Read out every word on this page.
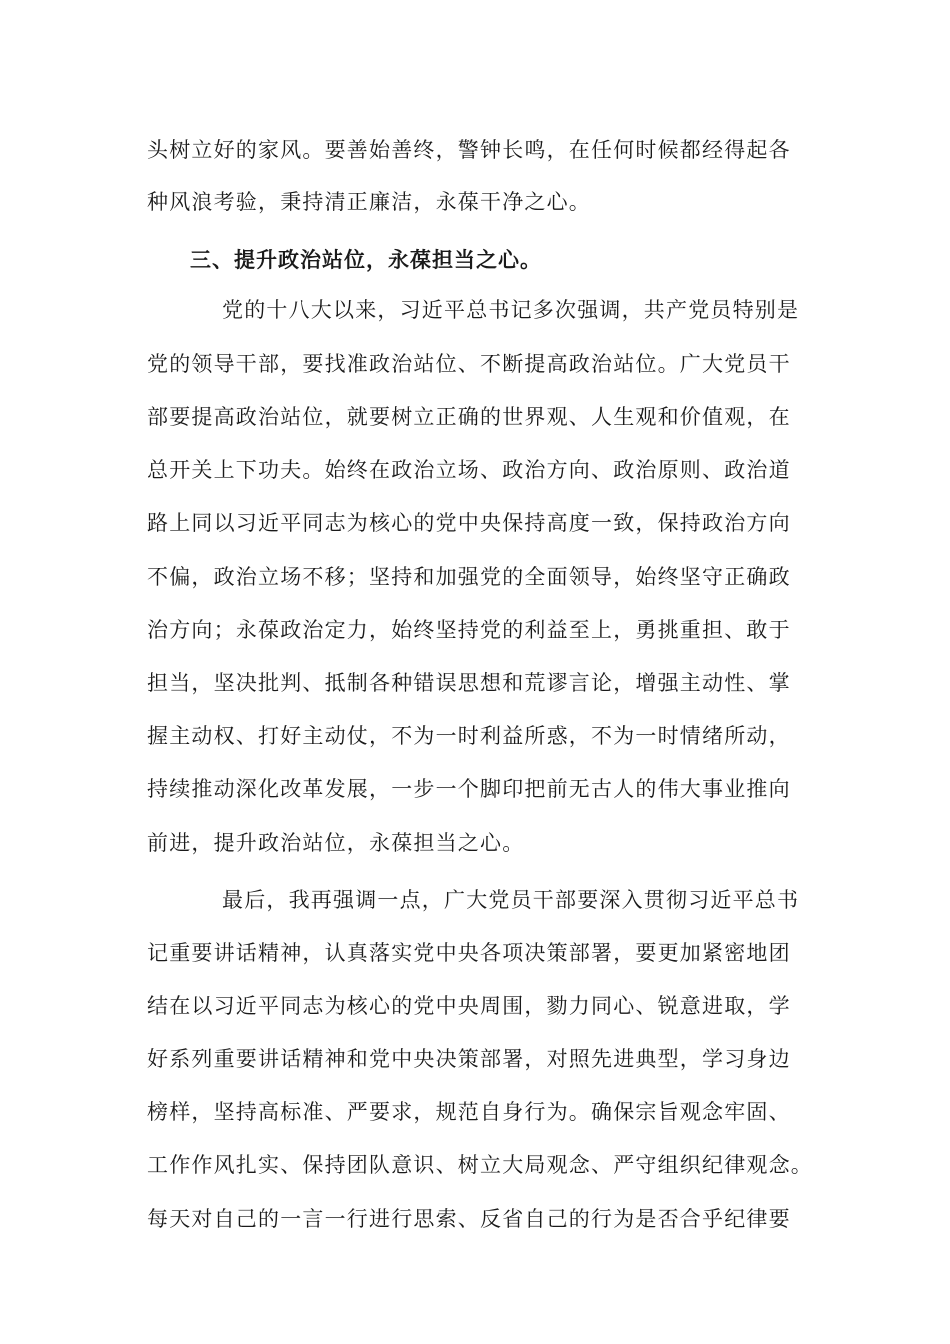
头树立好的家风。要善始善终，警钟长鸣，在任何时候都经得起各
种风浪考验，秉持清正廉洁，永葆干净之心。
三、提升政治站位，永葆担当之心。
党的十八大以来，习近平总书记多次强调，共产党员特别是
党的领导干部，要找准政治站位、不断提高政治站位。广大党员干
部要提高政治站位，就要树立正确的世界观、人生观和价值观，在
总开关上下功夫。始终在政治立场、政治方向、政治原则、政治道
路上同以习近平同志为核心的党中央保持高度一致，保持政治方向
不偏，政治立场不移；坚持和加强党的全面领导，始终坚守正确政
治方向；永葆政治定力，始终坚持党的利益至上，勇挑重担、敢于
担当，坚决批判、抵制各种错误思想和荒谬言论，增强主动性、掌
握主动权、打好主动仗，不为一时利益所惑，不为一时情绪所动，
持续推动深化改革发展，一步一个脚印把前无古人的伟大事业推向
前进，提升政治站位，永葆担当之心。
最后，我再强调一点，广大党员干部要深入贯彻习近平总书
记重要讲话精神，认真落实党中央各项决策部署，要更加紧密地团
结在以习近平同志为核心的党中央周围，勠力同心、锐意进取，学
好系列重要讲话精神和党中央决策部署，对照先进典型，学习身边
榜样，坚持高标准、严要求，规范自身行为。确保宗旨观念牢固、
工作作风扎实、保持团队意识、树立大局观念、严守组织纪律观念。
每天对自己的一言一行进行思索、反省自己的行为是否合乎纪律要
